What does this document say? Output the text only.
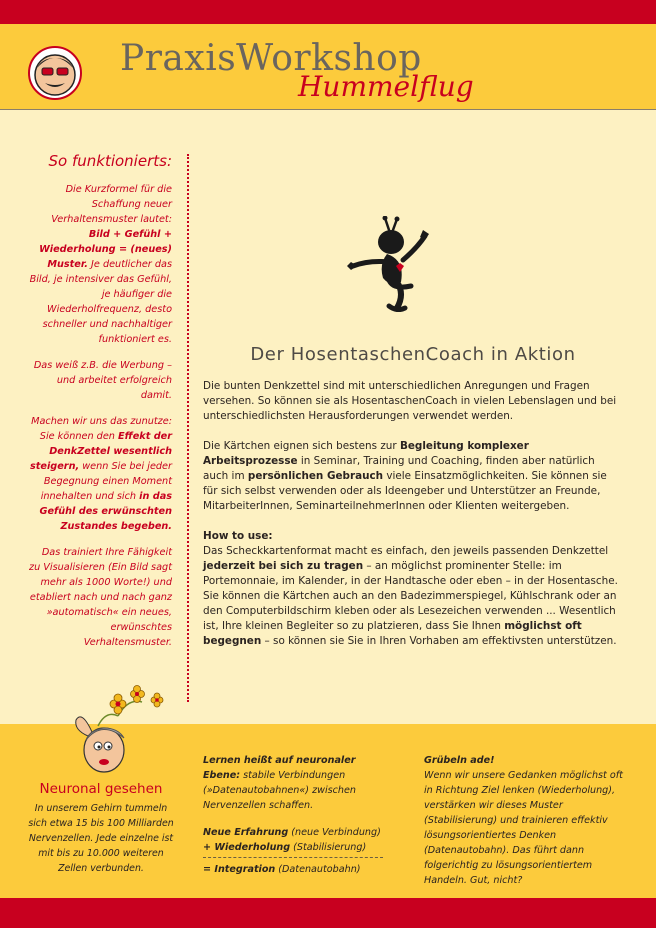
PraxisWorkshop
Hummelflug
So funktionierts:

Die Kurzformel für die Schaffung neuer Verhaltensmuster lautet: Bild + Gefühl + Wiederholung = (neues) Muster. Je deutlicher das Bild, je intensiver das Gefühl, je häufiger die Wiederholfrequenz, desto schneller und nachhaltiger funktioniert es.

Das weiß z.B. die Werbung – und arbeitet erfolgreich damit.

Machen wir uns das zunutze: Sie können den Effekt der DenkZettel wesentlich steigern, wenn Sie bei jeder Begegnung einen Moment innehalten und sich in das Gefühl des erwünschten Zustandes begeben.

Das trainiert Ihre Fähigkeit zu Visualisieren (Ein Bild sagt mehr als 1000 Worte!) und etabliert nach und nach ganz »automatisch« ein neues, erwünschtes Verhaltensmuster.

Der HosentaschenCoach in Aktion

Die bunten Denkzettel sind mit unterschiedlichen Anregungen und Fragen versehen. So können sie als HosentaschenCoach in vielen Lebenslagen und bei unterschiedlichsten Herausforderungen verwendet werden.

Die Kärtchen eignen sich bestens zur Begleitung komplexer Arbeitsprozesse in Seminar, Training und Coaching, finden aber natürlich auch im persönlichen Gebrauch viele Einsatzmöglichkeiten. Sie können sie für sich selbst verwenden oder als Ideengeber und Unterstützer an Freunde, MitarbeiterInnen, SeminarteilnehmerInnen oder Klienten weitergeben.

How to use:
Das Scheckkartenformat macht es einfach, den jeweils passenden Denkzettel jederzeit bei sich zu tragen – an möglichst prominenter Stelle: im Portemonnaie, im Kalender, in der Handtasche oder eben – in der Hosentasche. Sie können die Kärtchen auch an den Badezimmerspiegel, Kühlschrank oder an den Computerbildschirm kleben oder als Lesezeichen verwenden ... Wesentlich ist, Ihre kleinen Begleiter so zu platzieren, dass Sie Ihnen möglichst oft begegnen – so können sie Sie in Ihren Vorhaben am effektivsten unterstützen.

Neuronal gesehen
In unserem Gehirn tummeln sich etwa 15 bis 100 Milliarden Nervenzellen. Jede einzelne ist mit bis zu 10.000 weiteren Zellen verbunden.

Lernen heißt auf neuronaler Ebene: stabile Verbindungen (»Datenautobahnen«) zwischen Nervenzellen schaffen.

Neue Erfahrung (neue Verbindung)
+ Wiederholung (Stabilisierung)
= Integration (Datenautobahn)
Grübeln ade!
Wenn wir unsere Gedanken möglichst oft in Richtung Ziel lenken (Wiederholung), verstärken wir dieses Muster (Stabilisierung) und trainieren effektiv lösungsorientiertes Denken (Datenautobahn). Das führt dann folgerichtig zu lösungsorientiertem Handeln. Gut, nicht?
